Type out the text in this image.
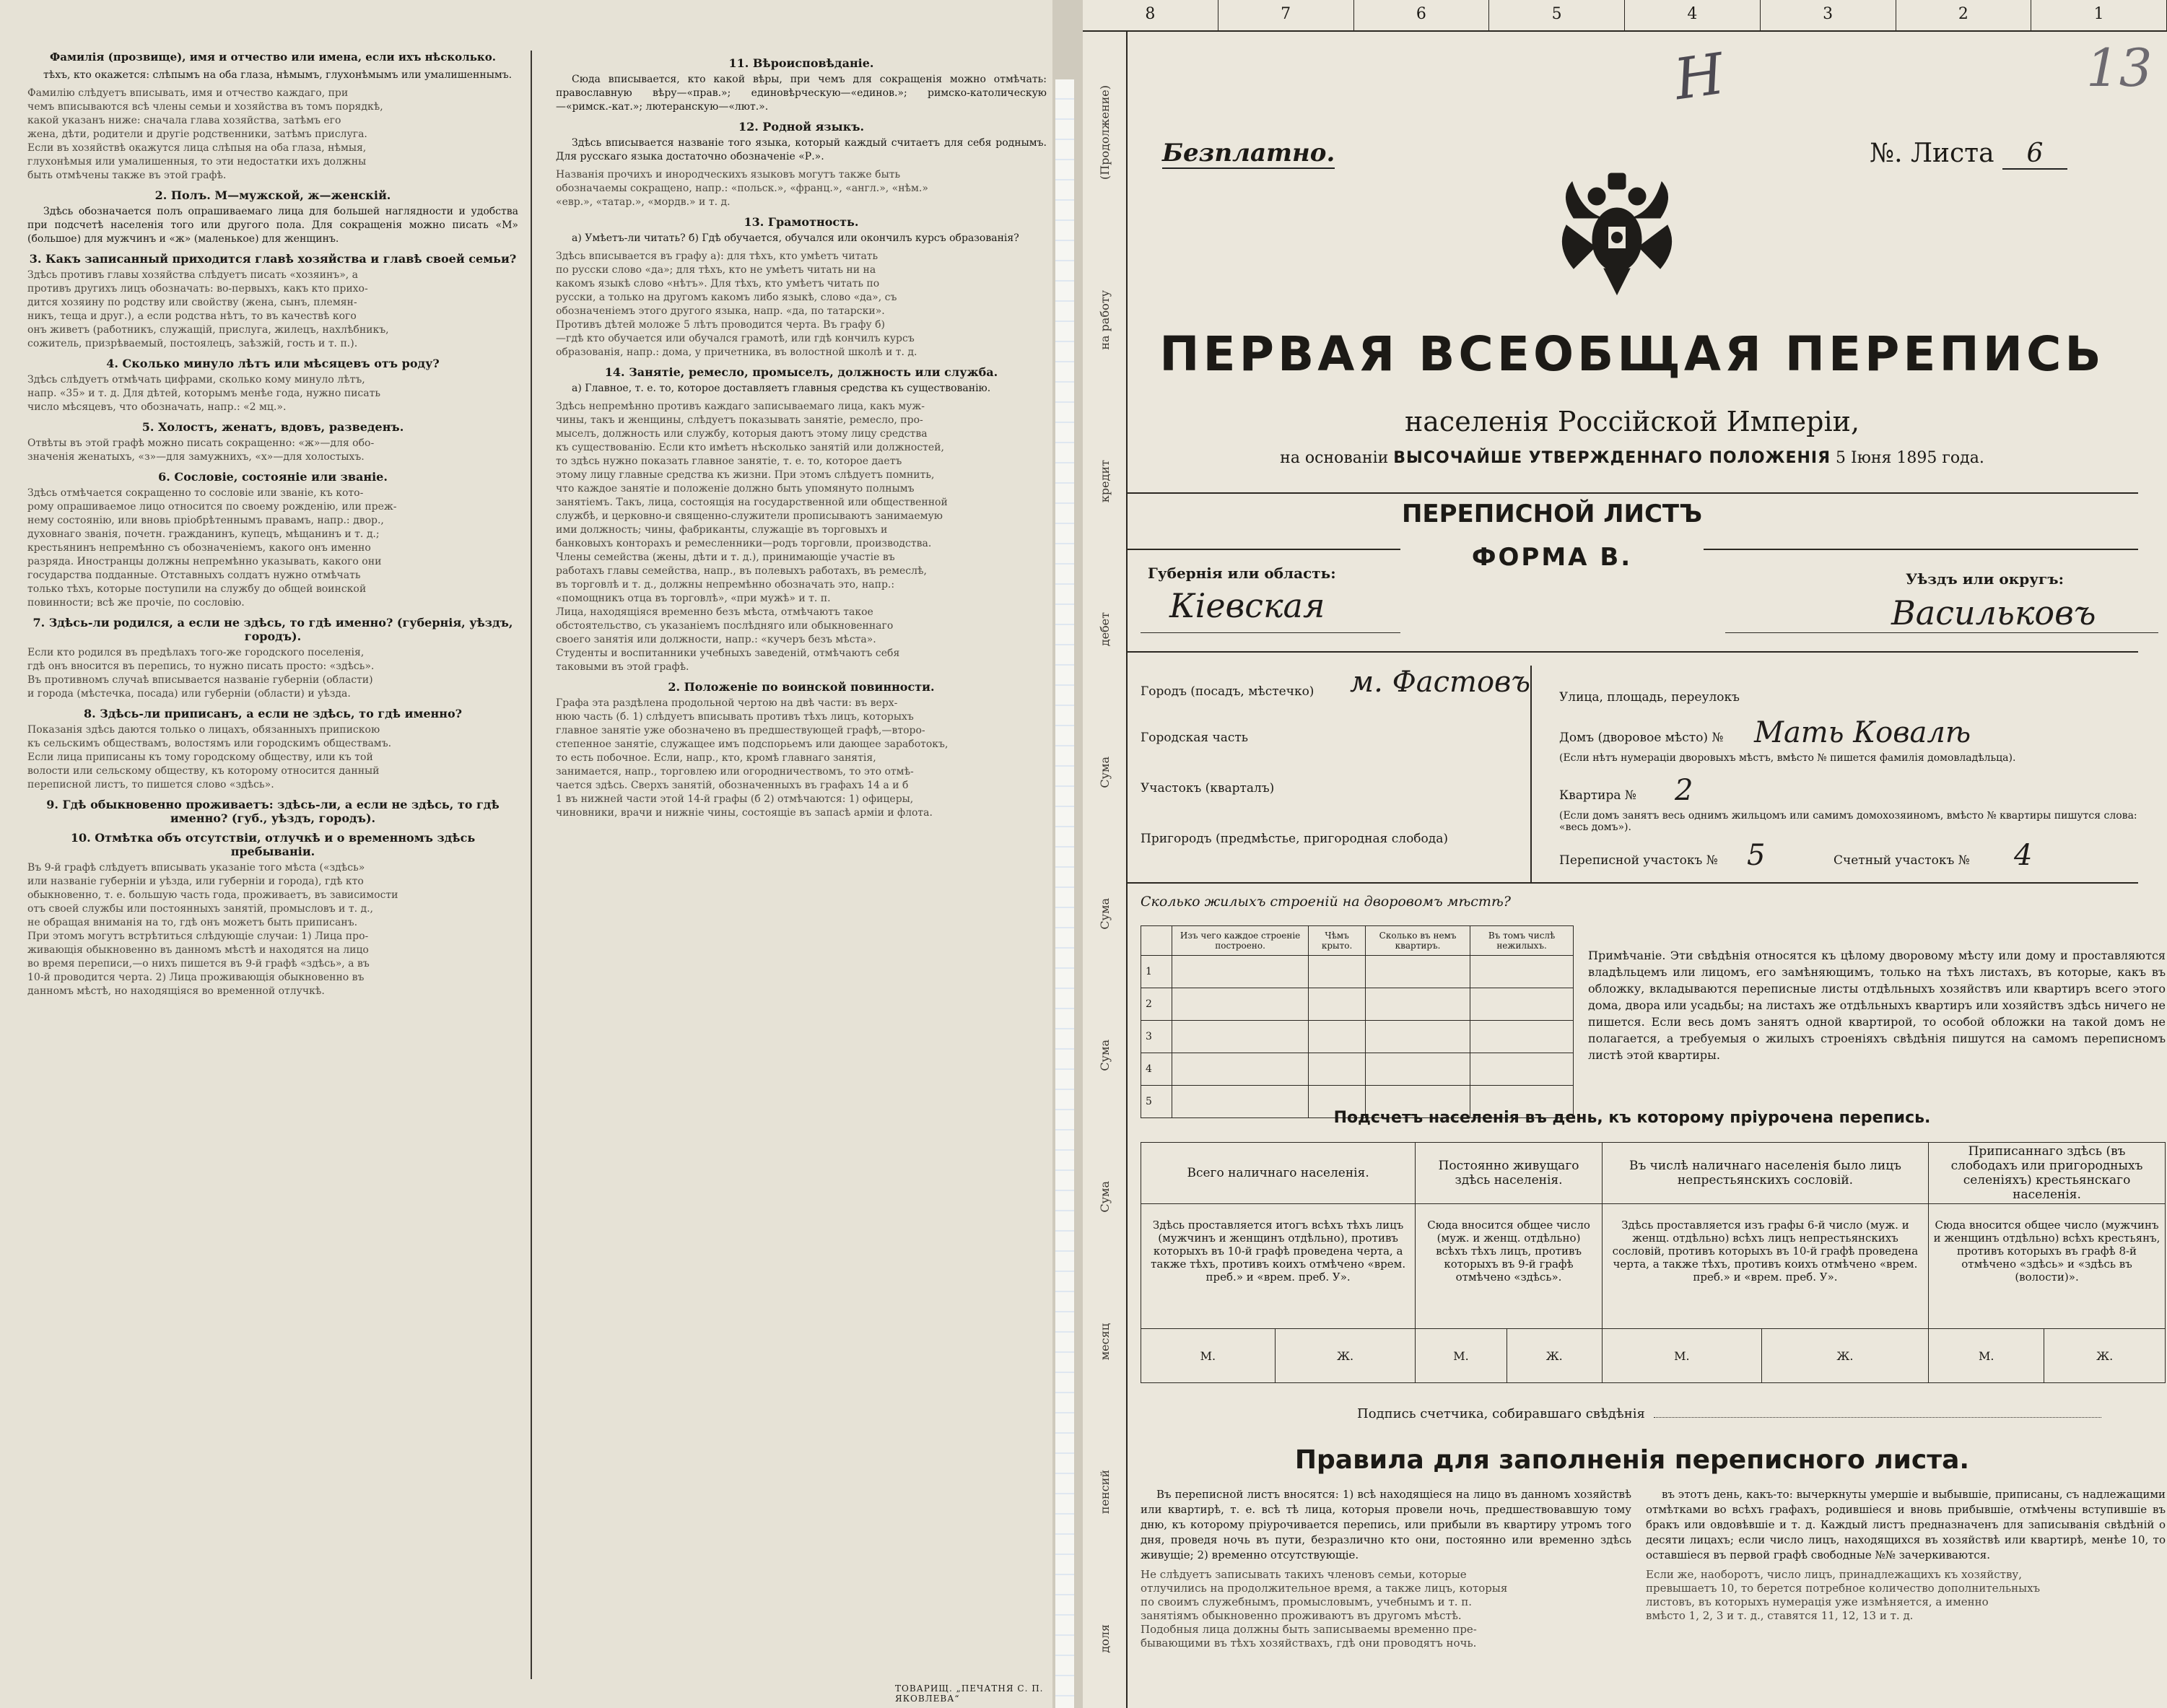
Фамилія (прозвище), имя и отчество или имена, если ихъ нѣсколько.

тѣхъ, кто окажется: слѣпымъ на оба глаза, нѣмымъ, глухонѣмымъ или умалишеннымъ.

Фамилію слѣдуетъ вписывать, имя и отчество каждаго, при
чемъ вписываются всѣ члены семьи и хозяйства въ томъ порядкѣ,
какой указанъ ниже: сначала глава хозяйства, затѣмъ его
жена, дѣти, родители и другіе родственники, затѣмъ прислуга.
Если въ хозяйствѣ окажутся лица слѣпыя на оба глаза, нѣмыя,
глухонѣмыя или умалишенныя, то эти недостатки ихъ должны
быть отмѣчены также въ этой графѣ.
2. Полъ. М—мужской, ж—женскій.

Здѣсь обозначается полъ опрашиваемаго лица для большей наглядности и удобства при подсчетѣ населенія того или другого пола. Для сокращенія можно писать «М» (большое) для мужчинъ и «ж» (маленькое) для женщинъ.

3. Какъ записанный приходится главѣ хозяйства и главѣ своей семьи?
Здѣсь противъ главы хозяйства слѣдуетъ писать «хозяинъ», а
противъ другихъ лицъ обозначать: во-первыхъ, какъ кто прихо-
дится хозяину по родству или свойству (жена, сынъ, племян-
никъ, теща и друг.), а если родства нѣтъ, то въ качествѣ кого
онъ живетъ (работникъ, служащій, прислуга, жилецъ, нахлѣбникъ,
сожитель, призрѣваемый, постоялецъ, заѣзжій, гость и т. п.).
4. Сколько минуло лѣтъ или мѣсяцевъ отъ роду?
Здѣсь слѣдуетъ отмѣчать цифрами, сколько кому минуло лѣтъ,
напр. «35» и т. д. Для дѣтей, которымъ менѣе года, нужно писать
число мѣсяцевъ, что обозначать, напр.: «2 мц.».
5. Холостъ, женатъ, вдовъ, разведенъ.
Отвѣты въ этой графѣ можно писать сокращенно: «ж»—для обо-
значенія женатыхъ, «з»—для замужнихъ, «х»—для холостыхъ.
6. Сословіе, состояніе или званіе.
Здѣсь отмѣчается сокращенно то сословіе или званіе, къ кото-
рому опрашиваемое лицо относится по своему рожденію, или преж-
нему состоянію, или вновь пріобрѣтеннымъ правамъ, напр.: двор.,
духовнаго званія, почетн. гражданинъ, купецъ, мѣщанинъ и т. д.;
крестьянинъ непремѣнно съ обозначеніемъ, какого онъ именно
разряда. Иностранцы должны непремѣнно указывать, какого они
государства подданные. Отставныхъ солдатъ нужно отмѣчать
только тѣхъ, которые поступили на службу до общей воинской
повинности; всѣ же прочіе, по сословію.
7. Здѣсь-ли родился, а если не здѣсь, то гдѣ именно? (губернія, уѣздъ, городъ).
Если кто родился въ предѣлахъ того-же городского поселенія,
гдѣ онъ вносится въ перепись, то нужно писать просто: «здѣсь».
Въ противномъ случаѣ вписывается названіе губерніи (области)
и города (мѣстечка, посада) или губерніи (области) и уѣзда.
8. Здѣсь-ли приписанъ, а если не здѣсь, то гдѣ именно?
Показанія здѣсь даются только о лицахъ, обязанныхъ припискою
къ сельскимъ обществамъ, волостямъ или городскимъ обществамъ.
Если лица приписаны къ тому городскому обществу, или къ той
волости или сельскому обществу, къ которому относится данный
переписной листъ, то пишется слово «здѣсь».
9. Гдѣ обыкновенно проживаетъ: здѣсь-ли, а если не здѣсь, то гдѣ именно? (губ., уѣздъ, городъ).
10. Отмѣтка объ отсутствіи, отлучкѣ и о временномъ здѣсь пребываніи.
Въ 9-й графѣ слѣдуетъ вписывать указаніе того мѣста («здѣсь»
или названіе губерніи и уѣзда, или губерніи и города), гдѣ кто
обыкновенно, т. е. большую часть года, проживаетъ, въ зависимости
отъ своей службы или постоянныхъ занятій, промысловъ и т. д.,
не обращая вниманія на то, гдѣ онъ можетъ быть приписанъ.
При этомъ могутъ встрѣтиться слѣдующіе случаи: 1) Лица про-
живающія обыкновенно въ данномъ мѣстѣ и находятся на лицо
во время переписи,—о нихъ пишется въ 9-й графѣ «здѣсь», а въ
10-й проводится черта. 2) Лица проживающія обыкновенно въ
данномъ мѣстѣ, но находящіяся во временной отлучкѣ.
11. Вѣроисповѣданіе.

Сюда вписывается, кто какой вѣры, при чемъ для сокращенія можно отмѣчать: православную вѣру—«прав.»; единовѣрческую—«единов.»; римско-католическую—«римск.-кат.»; лютеранскую—«лют.».

12. Родной языкъ.

Здѣсь вписывается названіе того языка, который каждый считаетъ для себя роднымъ. Для русскаго языка достаточно обозначеніе «Р.».

Названія прочихъ и инородческихъ языковъ могутъ также быть
обозначаемы сокращено, напр.: «польск.», «франц.», «англ.», «нѣм.»
«евр.», «татар.», «мордв.» и т. д.
13. Грамотность.

а) Умѣетъ-ли читать? б) Гдѣ обучается, обучался или окончилъ курсъ образованія?

Здѣсь вписывается въ графу а): для тѣхъ, кто умѣетъ читать
по русски слово «да»; для тѣхъ, кто не умѣетъ читать ни на
какомъ языкѣ слово «нѣтъ». Для тѣхъ, кто умѣетъ читать по
русски, а только на другомъ какомъ либо языкѣ, слово «да», съ
обозначеніемъ этого другого языка, напр. «да, по татарски».
Противъ дѣтей моложе 5 лѣтъ проводится черта. Въ графу б)
—гдѣ кто обучается или обучался грамотѣ, или гдѣ кончилъ курсъ
образованія, напр.: дома, у причетника, въ волостной школѣ и т. д.
14. Занятіе, ремесло, промыселъ, должность или служба.

а) Главное, т. е. то, которое доставляетъ главныя средства къ существованію.

Здѣсь непремѣнно противъ каждаго записываемаго лица, какъ муж-
чины, такъ и женщины, слѣдуетъ показывать занятіе, ремесло, про-
мыселъ, должность или службу, которыя даютъ этому лицу средства
къ существованію. Если кто имѣетъ нѣсколько занятій или должностей,
то здѣсь нужно показать главное занятіе, т. е. то, которое даетъ
этому лицу главные средства къ жизни. При этомъ слѣдуетъ помнить,
что каждое занятіе и положеніе должно быть упомянуто полнымъ
занятіемъ. Такъ, лица, состоящія на государственной или общественной
службѣ, и церковно-и священно-служители прописываютъ занимаемую
ими должность; чины, фабриканты, служащіе въ торговыхъ и
банковыхъ конторахъ и ремесленники—родъ торговли, производства.
Члены семейства (жены, дѣти и т. д.), принимающіе участіе въ
работахъ главы семейства, напр., въ полевыхъ работахъ, въ ремеслѣ,
въ торговлѣ и т. д., должны непремѣнно обозначать это, напр.:
«помощникъ отца въ торговлѣ», «при мужѣ» и т. п.
Лица, находящіяся временно безъ мѣста, отмѣчаютъ такое
обстоятельство, съ указаніемъ послѣдняго или обыкновеннаго
своего занятія или должности, напр.: «кучеръ безъ мѣста».
Студенты и воспитанники учебныхъ заведеній, отмѣчаютъ себя
таковыми въ этой графѣ.
2. Положеніе по воинской повинности.
Графа эта раздѣлена продольной чертою на двѣ части: въ верх-
нюю часть (б. 1) слѣдуетъ вписывать противъ тѣхъ лицъ, которыхъ
главное занятіе уже обозначено въ предшествующей графѣ,—второ-
степенное занятіе, служащее имъ подспорьемъ или дающее заработокъ,
то есть побочное. Если, напр., кто, кромѣ главнаго занятія,
занимается, напр., торговлею или огородничествомъ, то это отмѣ-
чается здѣсь. Сверхъ занятій, обозначенныхъ въ графахъ 14 а и б
1 въ нижней части этой 14-й графы (б 2) отмѣчаются: 1) офицеры,
чиновники, врачи и нижніе чины, состоящіе въ запасѣ арміи и флота.
ТОВАРИЩ. „ПЕЧАТНЯ С. П. ЯКОВЛЕВА“
8	7	6	5	4	3	2	1
(Продолжение)
на работу
кредит
дебет
Сума
Сума
Сума
Сума
месяц
пенсий
доля
Н	13
Безплатно.	№. Листа 6
ПЕРВАЯ ВСЕОБЩАЯ ПЕРЕПИСЬ
населенія Россійской Имперіи,
на основаніи ВЫСОЧАЙШЕ УТВЕРЖДЕННАГО ПОЛОЖЕНІЯ 5 Іюня 1895 года.
ПЕРЕПИСНОЙ ЛИСТЪ
ФОРМА В.
Губернія или область:
Кіевская
Уѣздъ или округъ:
Васильковъ
Городъ (посадъ, мѣстечко) м. Фастовъ
Городская часть
Участокъ (кварталъ)
Пригородъ (предмѣстье, пригородная слобода)
Улица, площадь, переулокъ
Домъ (дворовое мѣсто) № Мать Ковалѣ
(Если нѣтъ нумераціи дворовыхъ мѣстъ, вмѣсто № пишется фамилія домовладѣльца).
Квартира № 2
(Если домъ занятъ весь однимъ жильцомъ или самимъ домохозяиномъ, вмѣсто № квартиры пишутся слова: «весь домъ»).
Переписной участокъ № 5	Счетный участокъ № 4
Сколько жилыхъ строеній на дворовомъ мѣстѣ?
	Изъ чего каждое строеніе построено.	Чѣмъ крыто.	Сколько въ немъ квартиръ.	Въ томъ числѣ нежилыхъ.
1				
2				
3				
4				
5				
Примѣчаніе. Эти свѣдѣнія относятся къ цѣлому дворовому мѣсту или дому и проставляются владѣльцемъ или лицомъ, его замѣняющимъ, только на тѣхъ листахъ, въ которые, какъ въ обложку, вкладываются переписные листы отдѣльныхъ хозяйствъ или квартиръ всего этого дома, двора или усадьбы; на листахъ же отдѣльныхъ квартиръ или хозяйствъ здѣсь ничего не пишется. Если весь домъ занятъ одной квартирой, то особой обложки на такой домъ не полагается, а требуемыя о жилыхъ строеніяхъ свѣдѣнія пишутся на самомъ переписномъ листѣ этой квартиры.
Подсчетъ населенія въ день, къ которому пріурочена перепись.
Всего наличнаго населенія.		Постоянно живущаго здѣсь населенія.		Въ числѣ наличнаго населенія было лицъ непрестьянскихъ сословій.		Приписаннаго здѣсь (въ слободахъ или пригородныхъ селеніяхъ) крестьянскаго населенія.	
Здѣсь проставляется итогъ всѣхъ тѣхъ лицъ (мужчинъ и женщинъ отдѣльно), противъ которыхъ въ 10-й графѣ проведена черта, а также тѣхъ, противъ коихъ отмѣчено «врем. преб.» и «врем. преб. У».		Сюда вносится общее число (муж. и женщ. отдѣльно) всѣхъ тѣхъ лицъ, противъ которыхъ въ 9-й графѣ отмѣчено «здѣсь».		Здѣсь проставляется изъ графы 6-й число (муж. и женщ. отдѣльно) всѣхъ лицъ непрестьянскихъ сословій, противъ которыхъ въ 10-й графѣ проведена черта, а также тѣхъ, противъ коихъ отмѣчено «врем. преб.» и «врем. преб. У».		Сюда вносится общее число (мужчинъ и женщинъ отдѣльно) всѣхъ крестьянъ, противъ которыхъ въ графѣ 8-й отмѣчено «здѣсь» и «здѣсь въ (волости)».	
М.	Ж.	М.	Ж.	М.	Ж.	М.	Ж.
Подпись счетчика, собиравшаго свѣдѣнія
Правила для заполненія переписного листа.

Въ переписной листъ вносятся: 1) всѣ находящіеся на лицо въ данномъ хозяйствѣ или квартирѣ, т. е. всѣ тѣ лица, которыя провели ночь, предшествовавшую тому дню, къ которому пріурочивается перепись, или прибыли въ квартиру утромъ того дня, проведя ночь въ пути, безразлично кто они, постоянно или временно здѣсь живущіе; 2) временно отсутствующіе.

Не слѣдуетъ записывать такихъ членовъ семьи, которые
отлучились на продолжительное время, а также лицъ, которыя
по своимъ служебнымъ, промысловымъ, учебнымъ и т. п.
занятіямъ обыкновенно проживаютъ въ другомъ мѣстѣ.
Подобныя лица должны быть записываемы временно пре-
бывающими въ тѣхъ хозяйствахъ, гдѣ они проводятъ ночь.

въ этотъ день, какъ-то: вычеркнуты умершіе и выбывшіе, приписаны, съ надлежащими отмѣтками во всѣхъ графахъ, родившіеся и вновь прибывшіе, отмѣчены вступившіе въ бракъ или овдовѣвшіе и т. д. Каждый листъ предназначенъ для записыванія свѣдѣній о десяти лицахъ; если число лицъ, находящихся въ хозяйствѣ или квартирѣ, менѣе 10, то оставшіеся въ первой графѣ свободные №№ зачеркиваются.

Если же, наоборотъ, число лицъ, принадлежащихъ къ хозяйству,
превышаетъ 10, то берется потребное количество дополнительныхъ
листовъ, въ которыхъ нумерація уже измѣняется, а именно
вмѣсто 1, 2, 3 и т. д., ставятся 11, 12, 13 и т. д.
